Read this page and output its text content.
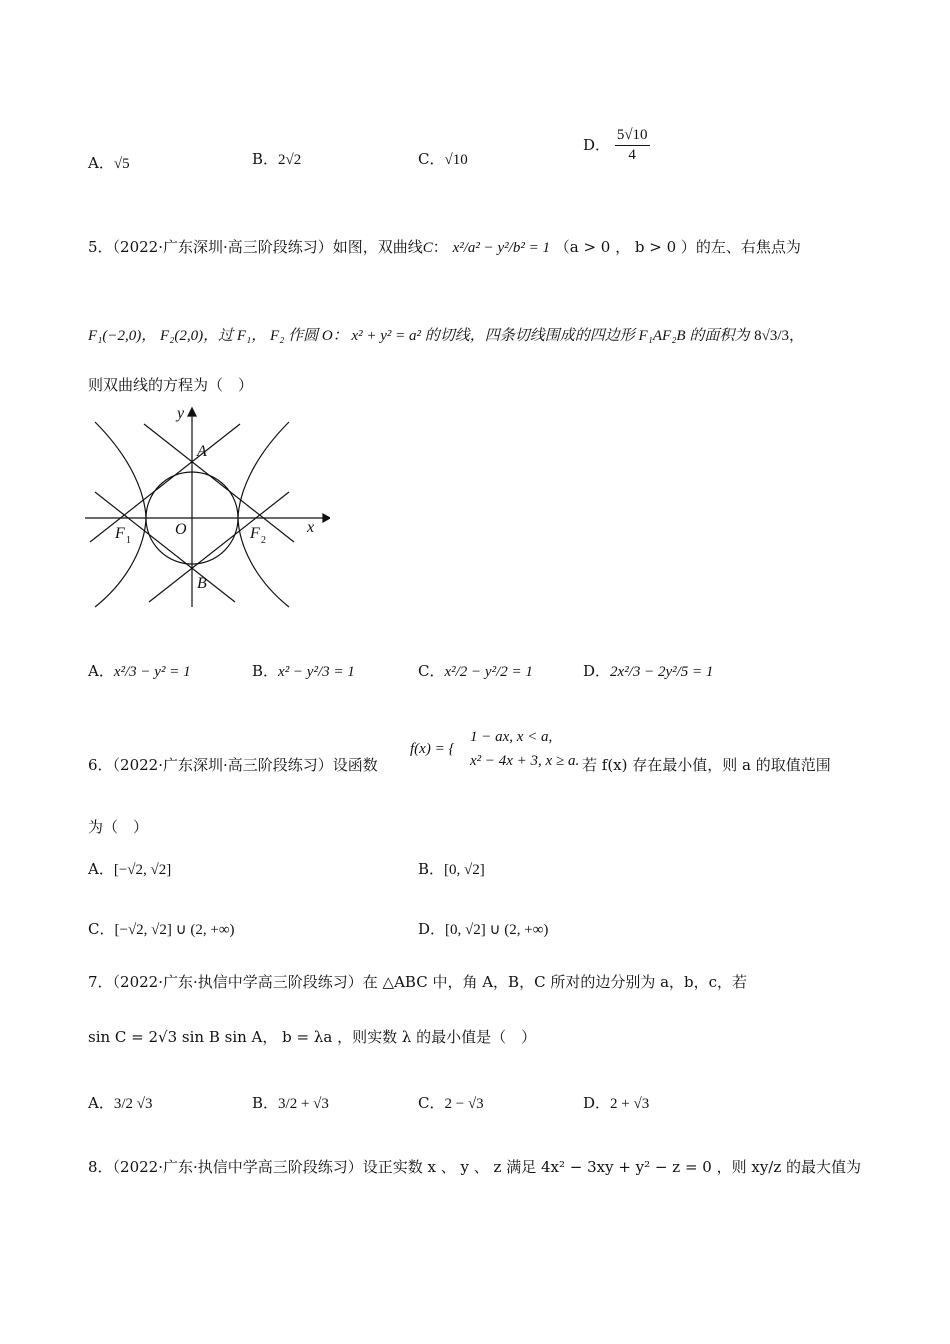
A．√5	B．2√2	C．√10
D． $\frac{5√10}{4}$
5．（2022·广东深圳·高三阶段练习）如图，双曲线C： x²/a² − y²/b² = 1 （a > 0 ， b > 0 ）的左、右焦点为
F₁(−2,0)， F₂(2,0)，过 F₁， F₂ 作圆 O： x² + y² = a² 的切线，四条切线围成的四边形 F₁AF₂B 的面积为 8√3/3，
则双曲线的方程为（　）
y
x
A
B
O
F 1	F 2
A．x²/3 − y² = 1	B．x² − y²/3 = 1	C．x²/2 − y²/2 = 1	D．2x²/3 − 2y²/5 = 1
6．（2022·广东深圳·高三阶段练习）设函数
f(x) = {
1 − ax, x < a,
x² − 4x + 3, x ≥ a. 若 f(x) 存在最小值，则 a 的取值范围
为（　）
A．[−√2, √2]	B．[0, √2]
C．[−√2, √2] ∪ (2, +∞)	D．[0, √2] ∪ (2, +∞)
7．（2022·广东·执信中学高三阶段练习）在 △ABC 中，角 A，B，C 所对的边分别为 a，b，c，若
sin C = 2√3 sin B sin A， b = λa ，则实数 λ 的最小值是（　）
A．3/2 √3	B．3/2 + √3	C．2 − √3	D．2 + √3
8．（2022·广东·执信中学高三阶段练习）设正实数 x 、 y 、 z 满足 4x² − 3xy + y² − z = 0 ，则 xy/z 的最大值为
